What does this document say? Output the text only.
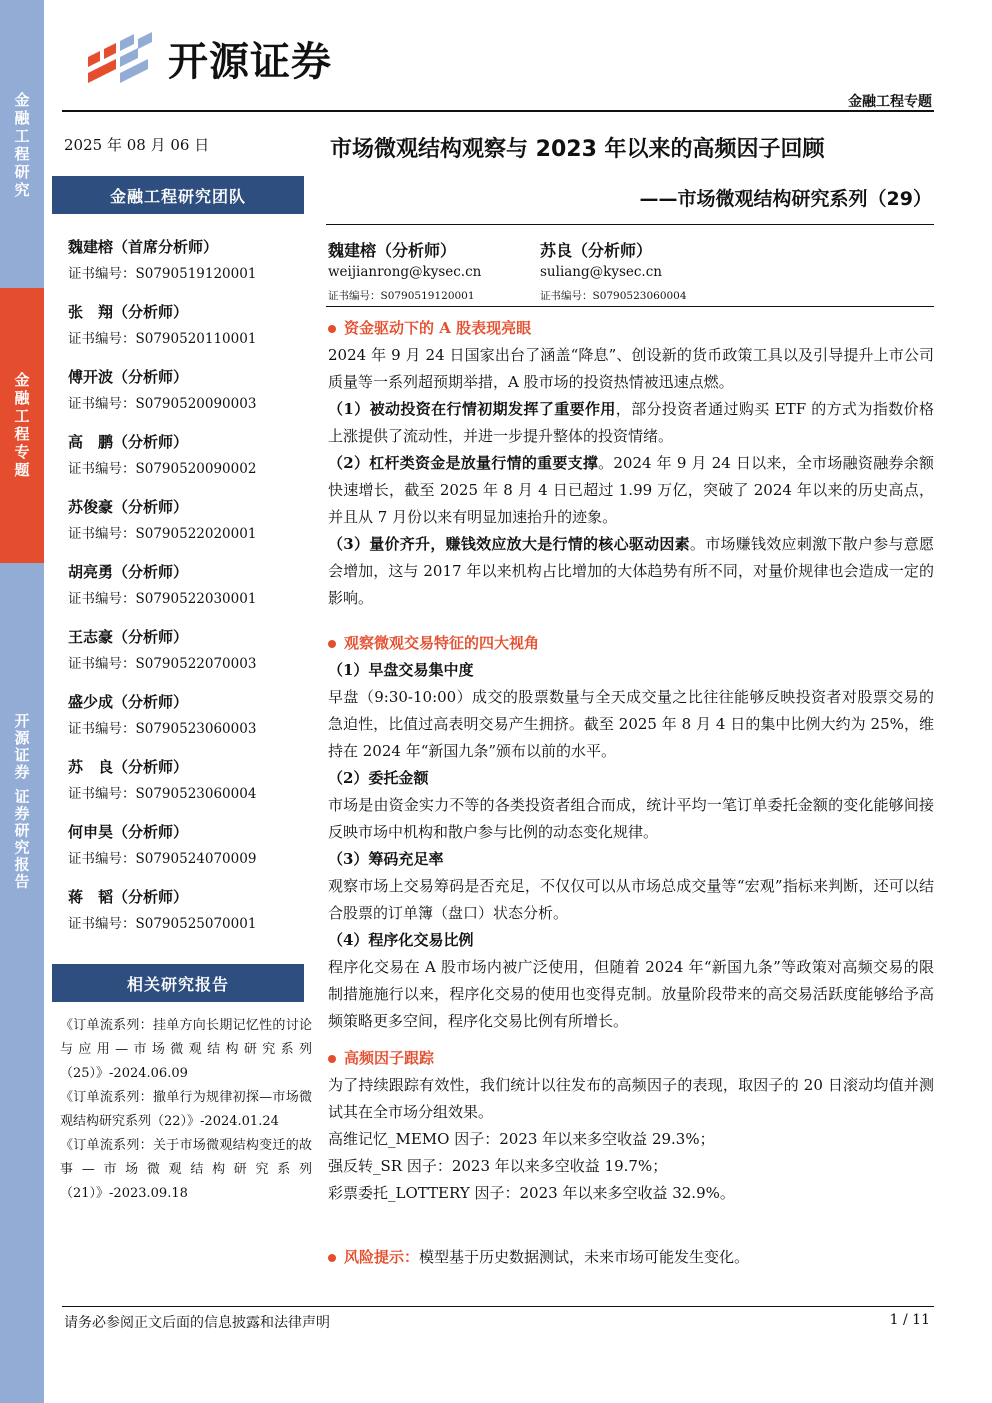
金融工程研究
金融工程专题
开源证券 证券研究报告
开源证券
金融工程专题
2025 年 08 月 06 日
金融工程研究团队
魏建榕（首席分析师）
证书编号：S0790519120001
张　翔（分析师）
证书编号：S0790520110001
傅开波（分析师）
证书编号：S0790520090003
高　鹏（分析师）
证书编号：S0790520090002
苏俊豪（分析师）
证书编号：S0790522020001
胡亮勇（分析师）
证书编号：S0790522030001
王志豪（分析师）
证书编号：S0790522070003
盛少成（分析师）
证书编号：S0790523060003
苏　良（分析师）
证书编号：S0790523060004
何申昊（分析师）
证书编号：S0790524070009
蒋　韬（分析师）
证书编号：S0790525070001
相关研究报告
《订单流系列：挂单方向长期记忆性的讨论与应用—市场微观结构研究系列（25）》-2024.06.09
《订单流系列：撤单行为规律初探—市场微观结构研究系列（22）》-2024.01.24
《订单流系列：关于市场微观结构变迁的故事—市场微观结构研究系列（21）》-2023.09.18
市场微观结构观察与 2023 年以来的高频因子回顾
——市场微观结构研究系列（29）
魏建榕（分析师）
weijianrong@kysec.cn
证书编号：S0790519120001
苏良（分析师）
suliang@kysec.cn
证书编号：S0790523060004
资金驱动下的 A 股表现亮眼
2024 年 9 月 24 日国家出台了涵盖“降息”、创设新的货币政策工具以及引导提升上市公司质量等一系列超预期举措，A 股市场的投资热情被迅速点燃。
（1）被动投资在行情初期发挥了重要作用，部分投资者通过购买 ETF 的方式为指数价格上涨提供了流动性，并进一步提升整体的投资情绪。
（2）杠杆类资金是放量行情的重要支撑。2024 年 9 月 24 日以来，全市场融资融券余额快速增长，截至 2025 年 8 月 4 日已超过 1.99 万亿，突破了 2024 年以来的历史高点，并且从 7 月份以来有明显加速抬升的迹象。
（3）量价齐升，赚钱效应放大是行情的核心驱动因素。市场赚钱效应刺激下散户参与意愿会增加，这与 2017 年以来机构占比增加的大体趋势有所不同，对量价规律也会造成一定的影响。
观察微观交易特征的四大视角
（1）早盘交易集中度
早盘（9:30-10:00）成交的股票数量与全天成交量之比往往能够反映投资者对股票交易的急迫性，比值过高表明交易产生拥挤。截至 2025 年 8 月 4 日的集中比例大约为 25%，维持在 2024 年“新国九条”颁布以前的水平。
（2）委托金额
市场是由资金实力不等的各类投资者组合而成，统计平均一笔订单委托金额的变化能够间接反映市场中机构和散户参与比例的动态变化规律。
（3）筹码充足率
观察市场上交易筹码是否充足，不仅仅可以从市场总成交量等“宏观”指标来判断，还可以结合股票的订单簿（盘口）状态分析。
（4）程序化交易比例
程序化交易在 A 股市场内被广泛使用，但随着 2024 年“新国九条”等政策对高频交易的限制措施施行以来，程序化交易的使用也变得克制。放量阶段带来的高交易活跃度能够给予高频策略更多空间，程序化交易比例有所增长。
高频因子跟踪
为了持续跟踪有效性，我们统计以往发布的高频因子的表现，取因子的 20 日滚动均值并测试其在全市场分组效果。
高维记忆_MEMO 因子：2023 年以来多空收益 29.3%；
强反转_SR 因子：2023 年以来多空收益 19.7%；
彩票委托_LOTTERY 因子：2023 年以来多空收益 32.9%。
风险提示： 模型基于历史数据测试，未来市场可能发生变化。
请务必参阅正文后面的信息披露和法律声明	1 / 11
